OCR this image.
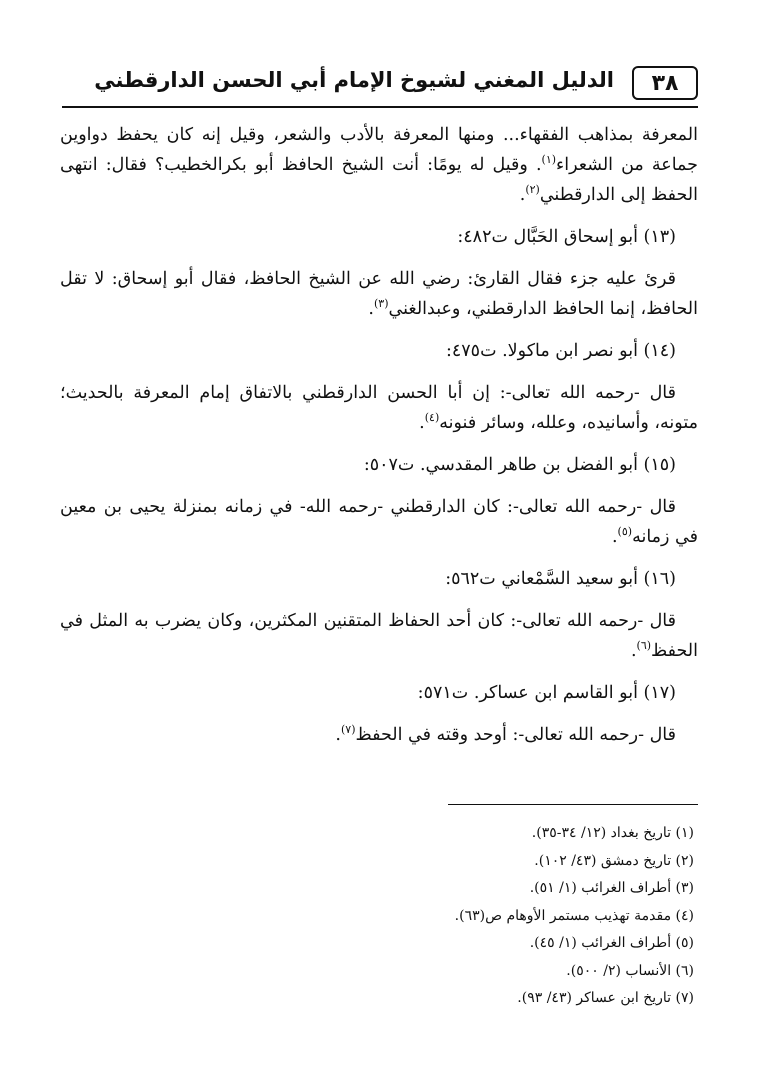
٣٨
الدليل المغني لشيوخ الإمام أبي الحسن الدارقطني

المعرفة بمذاهب الفقهاء... ومنها المعرفة بالأدب والشعر، وقيل إنه كان يحفظ دواوين جماعة من الشعراء$^{(١)}$. وقيل له يومًا: أنت الشيخ الحافظ أبو بكرالخطيب؟ فقال: انتهى الحفظ إلى الدارقطني$^{(٢)}$.

(١٣) أبو إسحاق الحَبَّال ت٤٨٢:

قرئ عليه جزء فقال القارئ: رضي الله عن الشيخ الحافظ، فقال أبو إسحاق: لا تقل الحافظ، إنما الحافظ الدارقطني، وعبدالغني$^{(٣)}$.

(١٤) أبو نصر ابن ماكولا. ت٤٧٥:

قال -رحمه الله تعالى-: إن أبا الحسن الدارقطني بالاتفاق إمام المعرفة بالحديث؛ متونه، وأسانيده، وعلله، وسائر فنونه$^{(٤)}$.

(١٥) أبو الفضل بن طاهر المقدسي. ت٥٠٧:

قال -رحمه الله تعالى-: كان الدارقطني -رحمه الله- في زمانه بمنزلة يحيى بن معين في زمانه$^{(٥)}$.

(١٦) أبو سعيد السَّمْعاني ت٥٦٢:

قال -رحمه الله تعالى-: كان أحد الحفاظ المتقنين المكثرين، وكان يضرب به المثل في الحفظ$^{(٦)}$.

(١٧) أبو القاسم ابن عساكر. ت٥٧١:

قال -رحمه الله تعالى-: أوحد وقته في الحفظ$^{(٧)}$.

(١) تاريخ بغداد (١٢/ ٣٤-٣٥).
(٢) تاريخ دمشق (٤٣/ ١٠٢).
(٣) أطراف الغرائب (١/ ٥١).
(٤) مقدمة تهذيب مستمر الأوهام ص(٦٣).
(٥) أطراف الغرائب (١/ ٤٥).
(٦) الأنساب (٢/ ٥٠٠).
(٧) تاريخ ابن عساكر (٤٣/ ٩٣).
